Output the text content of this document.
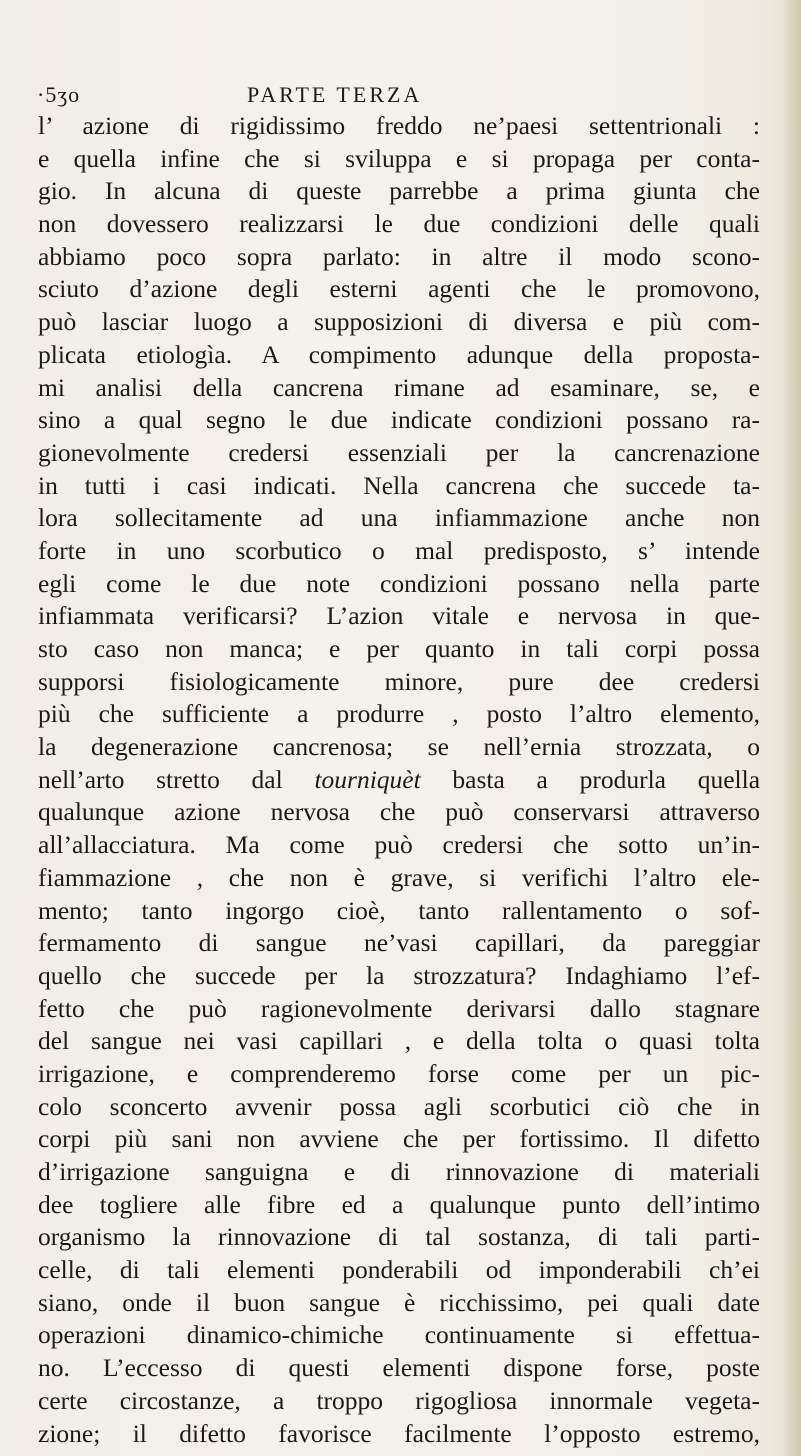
·5ʒo	PARTE TERZA
l’ azione di rigidissimo freddo ne’paesi settentrionali :
e quella infine che si sviluppa e si propaga per conta-
gio. In alcuna di queste parrebbe a prima giunta che
non dovessero realizzarsi le due condizioni delle quali
abbiamo poco sopra parlato: in altre il modo scono-
sciuto d’azione degli esterni agenti che le promovono,
può lasciar luogo a supposizioni di diversa e più com-
plicata etiologìa. A compimento adunque della proposta-
mi analisi della cancrena rimane ad esaminare, se, e
sino a qual segno le due indicate condizioni possano ra-
gionevolmente credersi essenziali per la cancrenazione
in tutti i casi indicati. Nella cancrena che succede ta-
lora sollecitamente ad una infiammazione anche non
forte in uno scorbutico o mal predisposto, s’ intende
egli come le due note condizioni possano nella parte
infiammata verificarsi? L’azion vitale e nervosa in que-
sto caso non manca; e per quanto in tali corpi possa
supporsi fisiologicamente minore, pure dee credersi
più che sufficiente a produrre , posto l’altro elemento,
la degenerazione cancrenosa; se nell’ernia strozzata, o
nell’arto stretto dal tourniquèt basta a produrla quella
qualunque azione nervosa che può conservarsi attraverso
all’allacciatura. Ma come può credersi che sotto un’in-
fiammazione , che non è grave, si verifichi l’altro ele-
mento; tanto ingorgo cioè, tanto rallentamento o sof-
fermamento di sangue ne’vasi capillari, da pareggiar
quello che succede per la strozzatura? Indaghiamo l’ef-
fetto che può ragionevolmente derivarsi dallo stagnare
del sangue nei vasi capillari , e della tolta o quasi tolta
irrigazione, e comprenderemo forse come per un pic-
colo sconcerto avvenir possa agli scorbutici ciò che in
corpi più sani non avviene che per fortissimo. Il difetto
d’irrigazione sanguigna e di rinnovazione di materiali
dee togliere alle fibre ed a qualunque punto dell’intimo
organismo la rinnovazione di tal sostanza, di tali parti-
celle, di tali elementi ponderabili od imponderabili ch’ei
siano, onde il buon sangue è ricchissimo, pei quali date
operazioni dinamico-chimiche continuamente si effettua-
no. L’eccesso di questi elementi dispone forse, poste
certe circostanze, a troppo rigogliosa innormale vegeta-
zione; il difetto favorisce facilmente l’opposto estremo,
